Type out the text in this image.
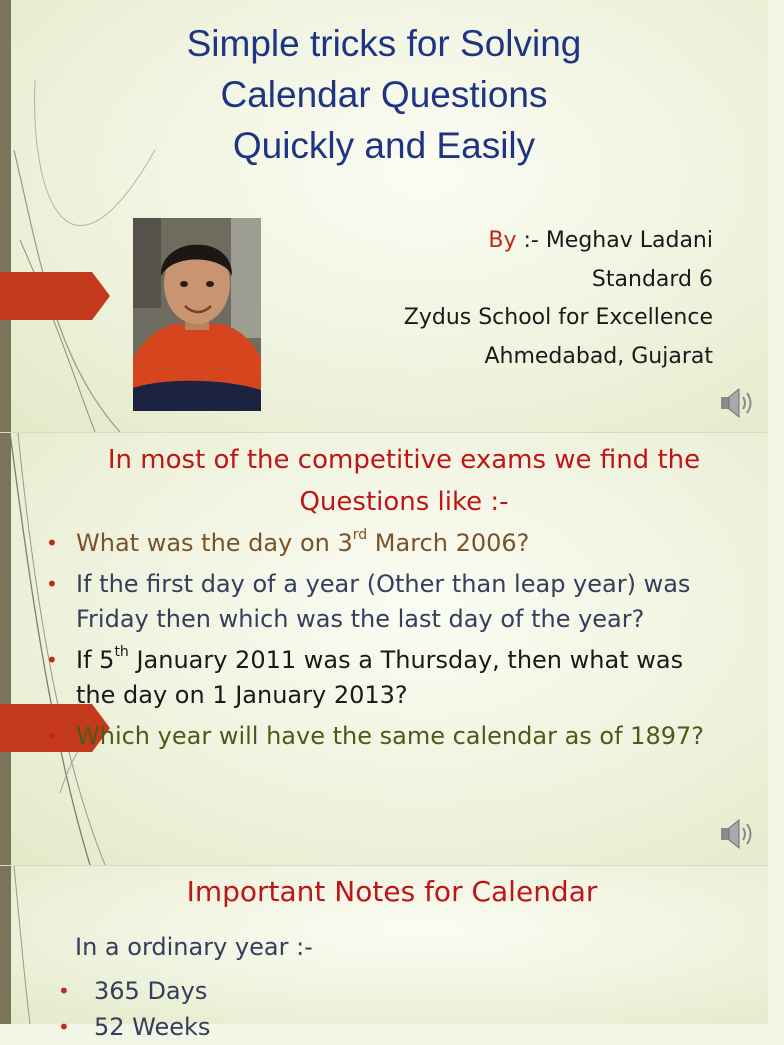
Simple tricks for Solving
Calendar Questions
Quickly and Easily
By :- Meghav Ladani
Standard 6
Zydus School for Excellence
Ahmedabad, Gujarat
In most of the competitive exams we find the
Questions like :-
• What was the day on 3rd March 2006?
• If the first day of a year (Other than leap year) was Friday then which was the last day of the year?
• If 5th January 2011 was a Thursday, then what was the day on 1 January 2013?
• Which year will have the same calendar as of 1897?
Important Notes for Calendar
In a ordinary year :-
• 365 Days
• 52 Weeks
